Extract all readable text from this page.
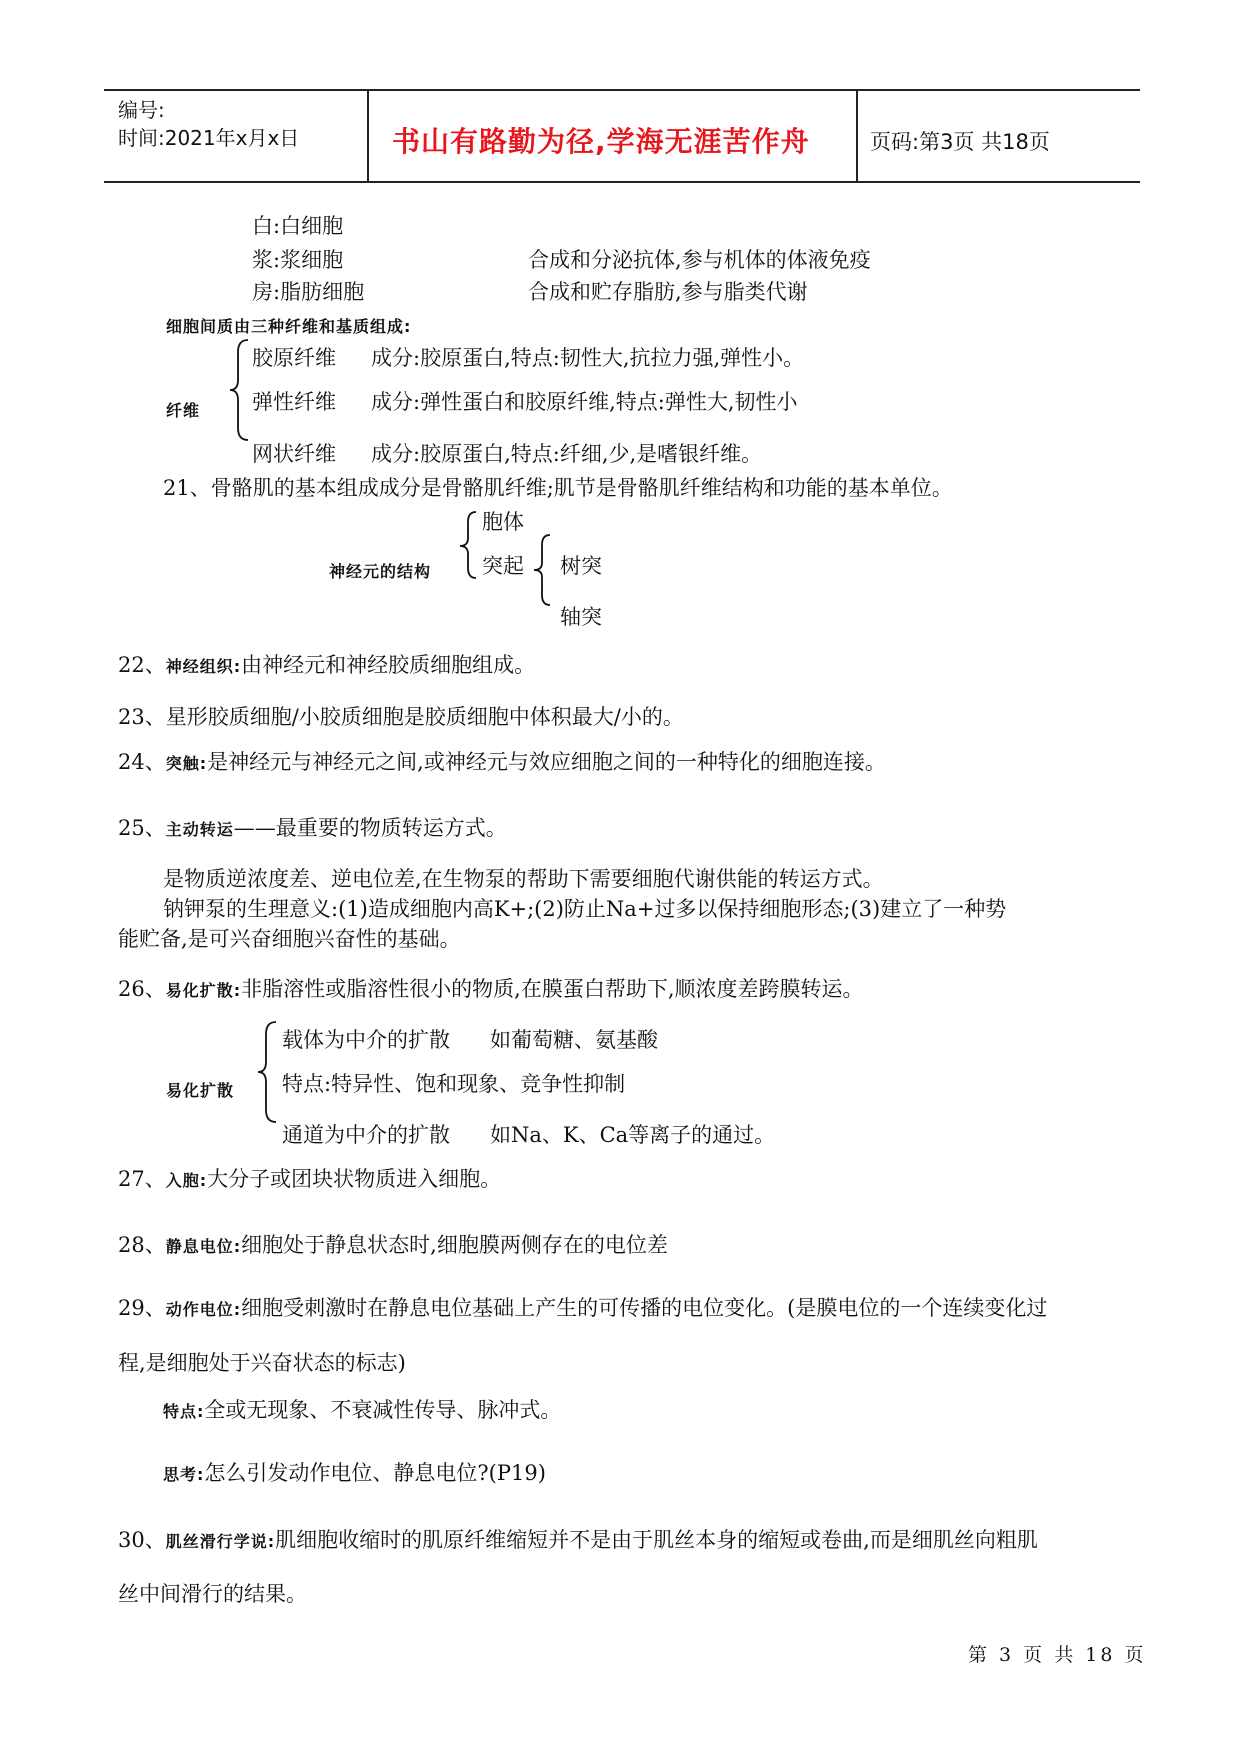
编号:
时间:2021年x月x日	书山有路勤为径,学海无涯苦作舟	页码:第3页 共18页
白:白细胞
浆:浆细胞	合成和分泌抗体,参与机体的体液免疫
房:脂肪细胞	合成和贮存脂肪,参与脂类代谢
细胞间质由三种纤维和基质组成:
纤维
胶原纤维 成分:胶原蛋白,特点:韧性大,抗拉力强,弹性小。
弹性纤维 成分:弹性蛋白和胶原纤维,特点:弹性大,韧性小
网状纤维 成分:胶原蛋白,特点:纤细,少,是嗜银纤维。
21、骨骼肌的基本组成成分是骨骼肌纤维;肌节是骨骼肌纤维结构和功能的基本单位。
神经元的结构
胞体
突起 树突
轴突
22、神经组织:由神经元和神经胶质细胞组成。
23、星形胶质细胞/小胶质细胞是胶质细胞中体积最大/小的。
24、突触:是神经元与神经元之间,或神经元与效应细胞之间的一种特化的细胞连接。
25、主动转运——最重要的物质转运方式。
是物质逆浓度差、逆电位差,在生物泵的帮助下需要细胞代谢供能的转运方式。
钠钾泵的生理意义:(1)造成细胞内高K+;(2)防止Na+过多以保持细胞形态;(3)建立了一种势
能贮备,是可兴奋细胞兴奋性的基础。
26、易化扩散:非脂溶性或脂溶性很小的物质,在膜蛋白帮助下,顺浓度差跨膜转运。
易化扩散
载体为中介的扩散 如葡萄糖、氨基酸
特点:特异性、饱和现象、竞争性抑制
通道为中介的扩散 如Na、K、Ca等离子的通过。
27、入胞:大分子或团块状物质进入细胞。
28、静息电位:细胞处于静息状态时,细胞膜两侧存在的电位差
29、动作电位:细胞受刺激时在静息电位基础上产生的可传播的电位变化。(是膜电位的一个连续变化过
程,是细胞处于兴奋状态的标志)
特点:全或无现象、不衰减性传导、脉冲式。
思考:怎么引发动作电位、静息电位?(P19)
30、肌丝滑行学说:肌细胞收缩时的肌原纤维缩短并不是由于肌丝本身的缩短或卷曲,而是细肌丝向粗肌
丝中间滑行的结果。
第 3 页 共 18 页
